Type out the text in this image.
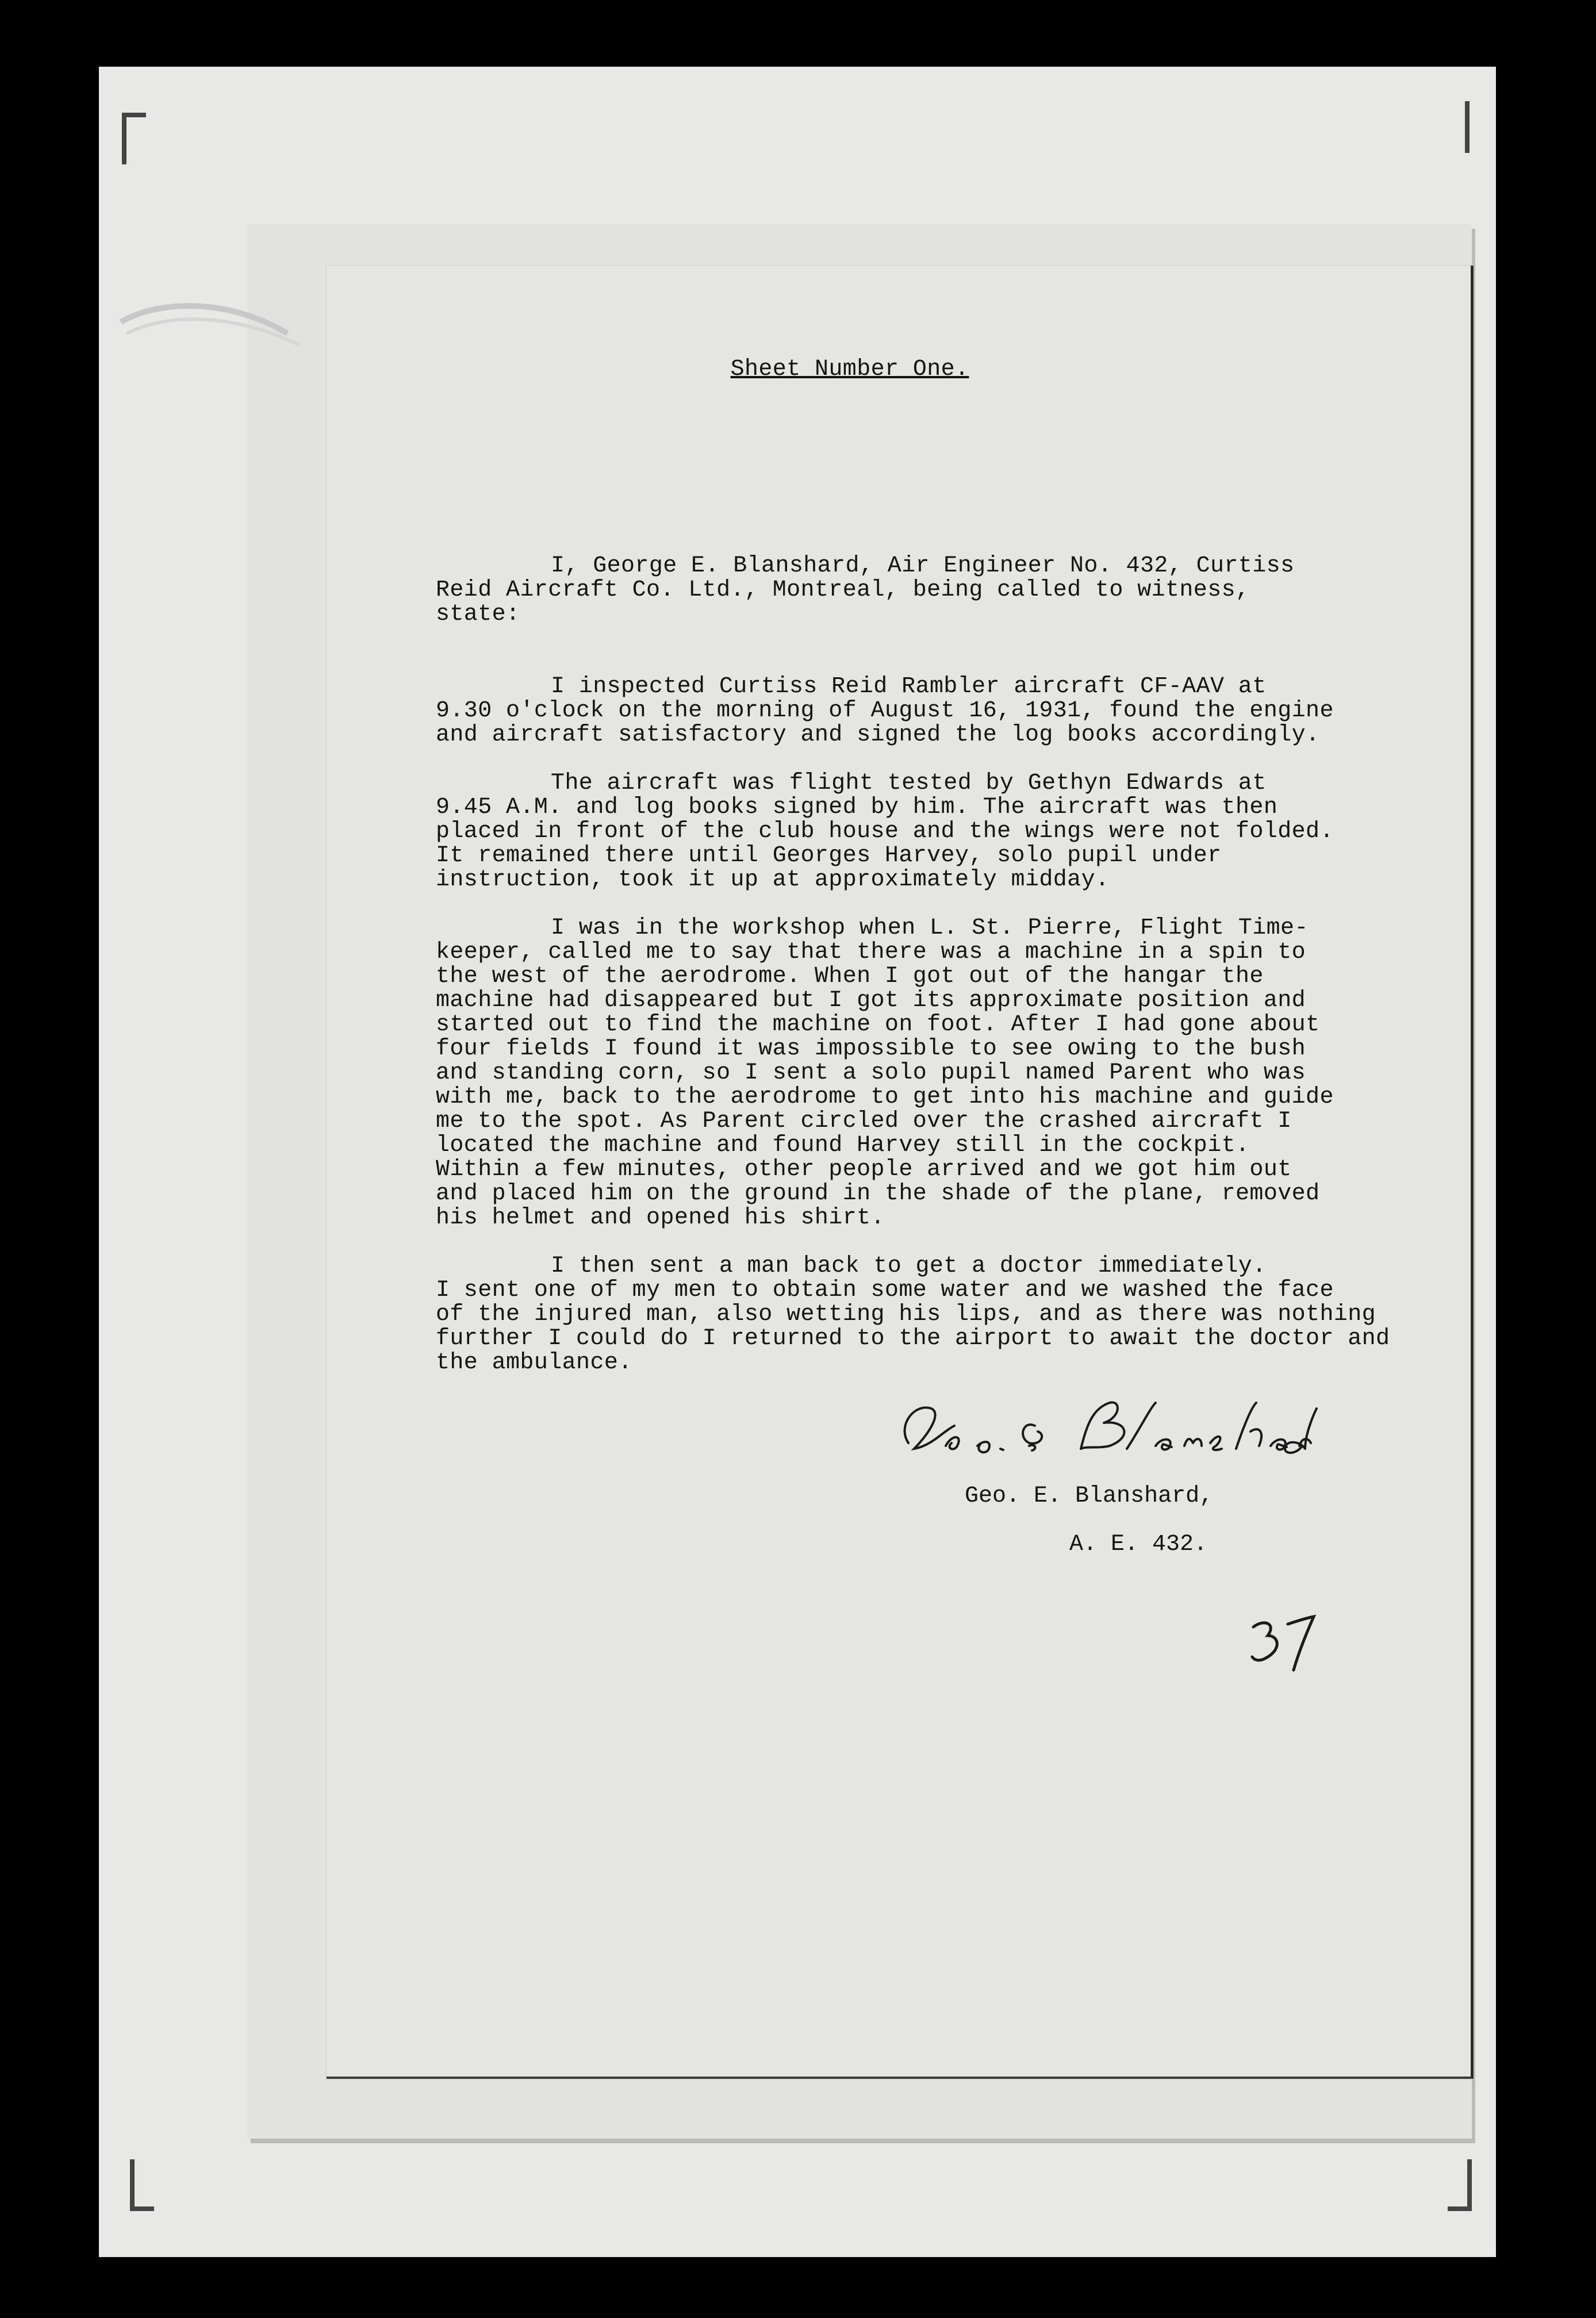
Sheet Number One.

I, George E. Blanshard, Air Engineer No. 432, Curtiss
Reid Aircraft Co. Ltd., Montreal, being called to witness,
state:

I inspected Curtiss Reid Rambler aircraft CF-AAV at
9.30 o'clock on the morning of August 16, 1931, found the engine
and aircraft satisfactory and signed the log books accordingly.

The aircraft was flight tested by Gethyn Edwards at
9.45 A.M. and log books signed by him. The aircraft was then
placed in front of the club house and the wings were not folded.
It remained there until Georges Harvey, solo pupil under
instruction, took it up at approximately midday.

I was in the workshop when L. St. Pierre, Flight Time-
keeper, called me to say that there was a machine in a spin to
the west of the aerodrome. When I got out of the hangar the
machine had disappeared but I got its approximate position and
started out to find the machine on foot. After I had gone about
four fields I found it was impossible to see owing to the bush
and standing corn, so I sent a solo pupil named Parent who was
with me, back to the aerodrome to get into his machine and guide
me to the spot. As Parent circled over the crashed aircraft I
located the machine and found Harvey still in the cockpit.
Within a few minutes, other people arrived and we got him out
and placed him on the ground in the shade of the plane, removed
his helmet and opened his shirt.

I then sent a man back to get a doctor immediately.
I sent one of my men to obtain some water and we washed the face
of the injured man, also wetting his lips, and as there was nothing
further I could do I returned to the airport to await the doctor and
the ambulance.

Geo. E. Blanshard,

A. E. 432.
